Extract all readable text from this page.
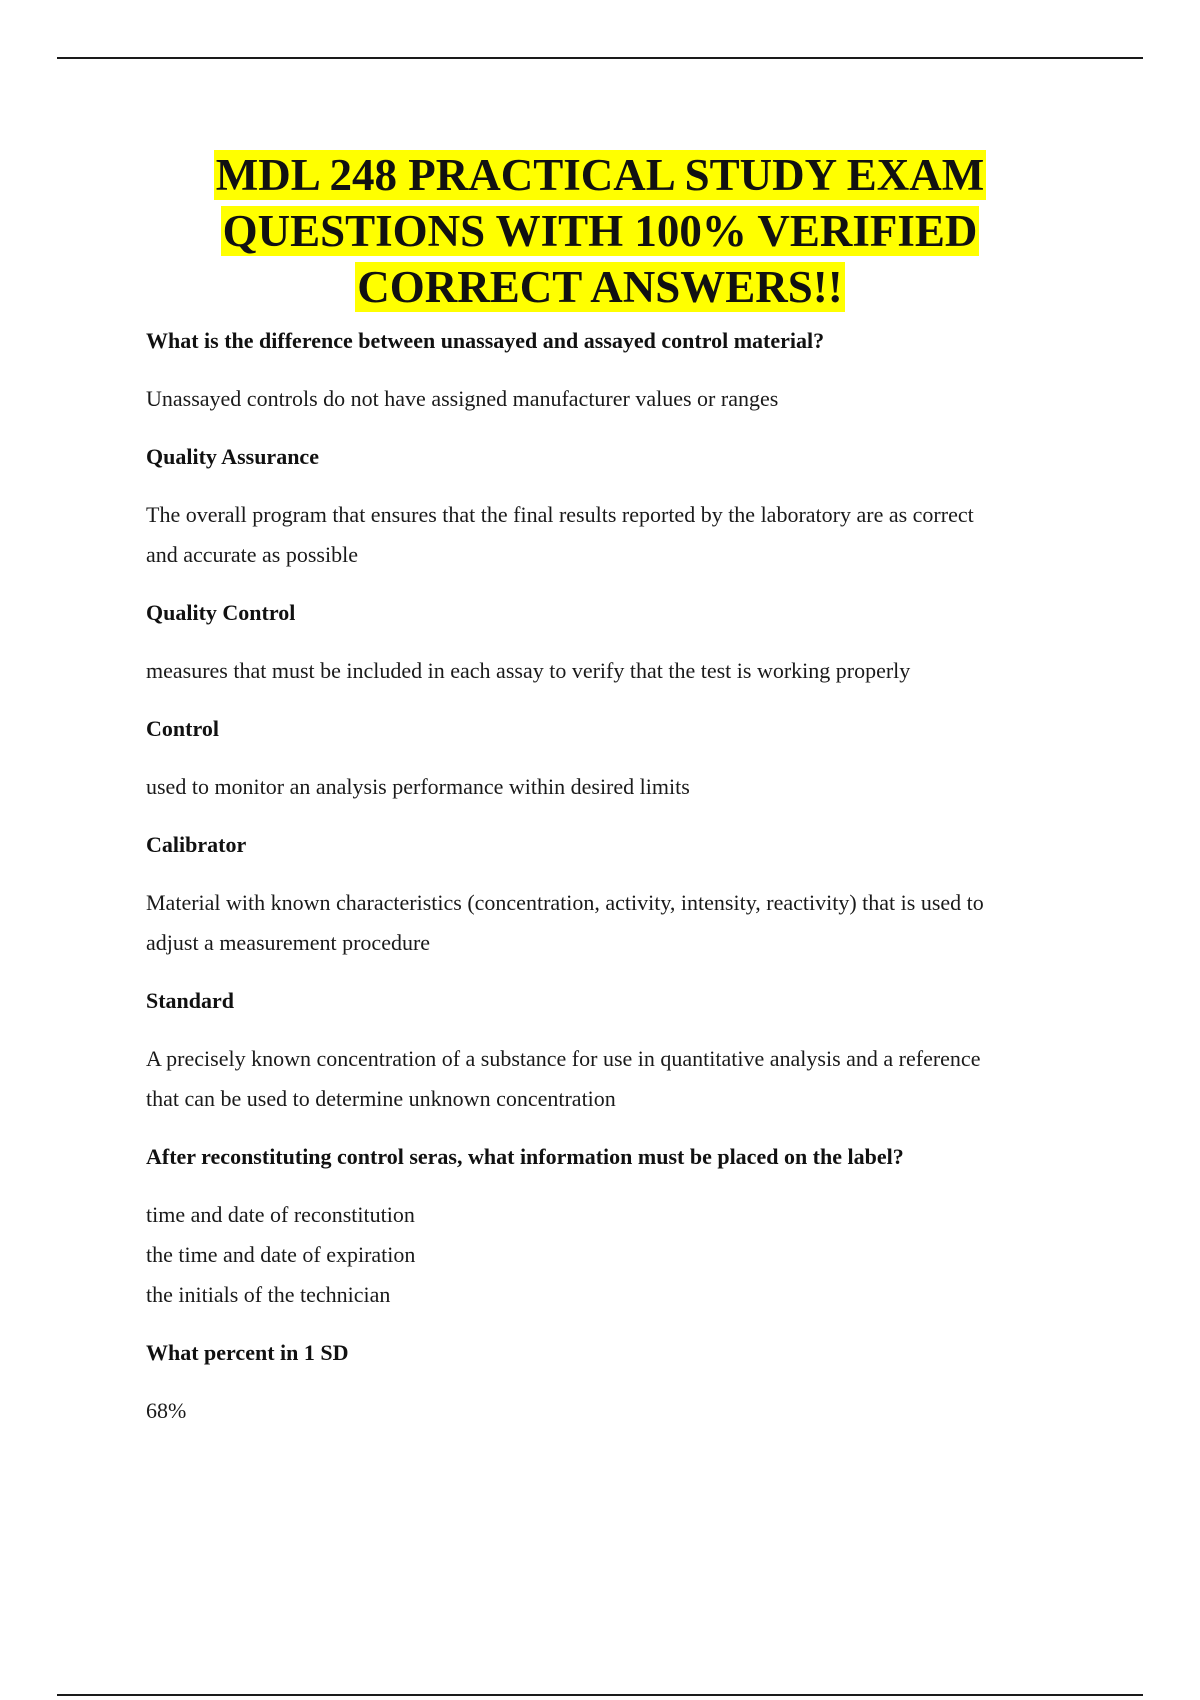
MDL 248 PRACTICAL STUDY EXAM
QUESTIONS WITH 100% VERIFIED
CORRECT ANSWERS!!

What is the difference between unassayed and assayed control material?

Unassayed controls do not have assigned manufacturer values or ranges

Quality Assurance

The overall program that ensures that the final results reported by the laboratory are as correct

and accurate as possible

Quality Control

measures that must be included in each assay to verify that the test is working properly

Control

used to monitor an analysis performance within desired limits

Calibrator

Material with known characteristics (concentration, activity, intensity, reactivity) that is used to

adjust a measurement procedure

Standard

A precisely known concentration of a substance for use in quantitative analysis and a reference

that can be used to determine unknown concentration

After reconstituting control seras, what information must be placed on the label?

time and date of reconstitution

the time and date of expiration

the initials of the technician

What percent in 1 SD

68%
